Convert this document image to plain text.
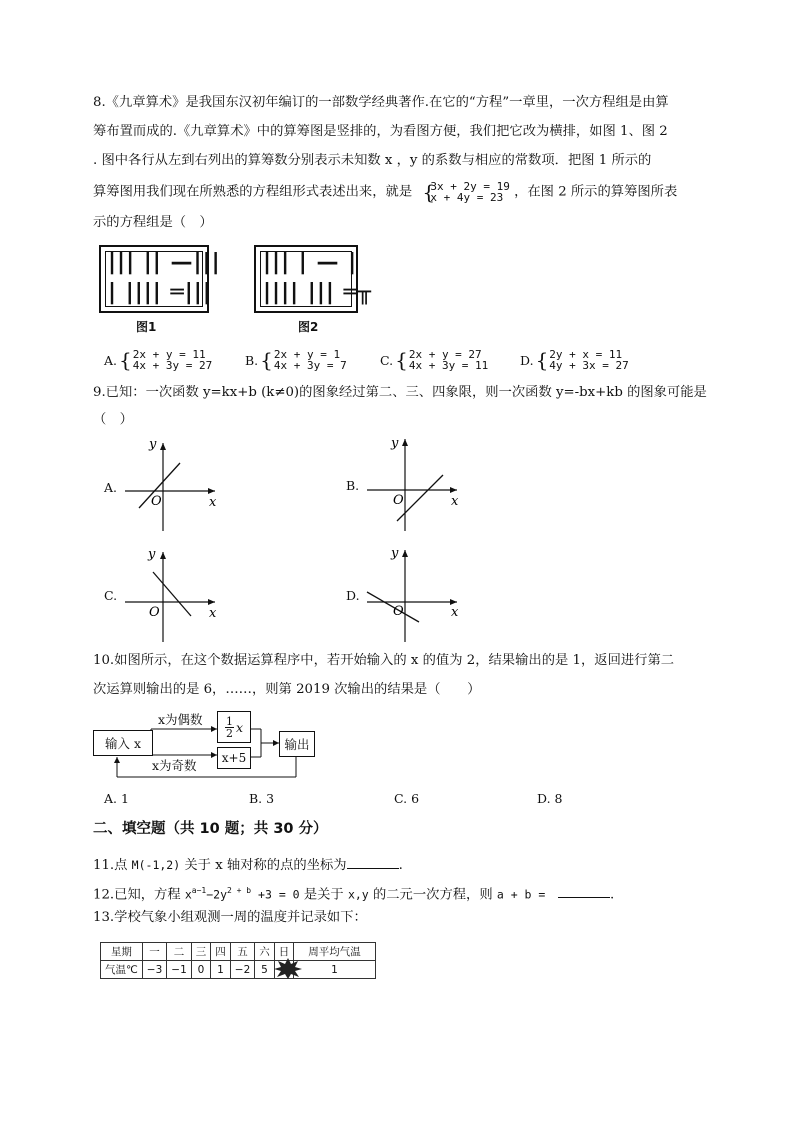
8.《九章算术》是我国东汉初年编订的一部数学经典著作.在它的“方程”一章里，一次方程组是由算
筹布置而成的.《九章算术》中的算筹图是竖排的，为看图方便，我们把它改为横排，如图 1、图 2
. 图中各行从左到右列出的算筹数分别表示未知数 x ，y 的系数与相应的常数项．把图 1 所示的
算筹图用我们现在所熟悉的方程组形式表述出来，就是 {
3x + 2y = 19
x + 4y = 23 ，在图 2 所示的算筹图所表
示的方程组是（　）
||| || —|||
| |||| ═|||
图1
||| | — |
|||| ||| ═╥
图2
A. { 2x + y = 11
4x + 3y = 27	B. { 2x + y = 1
4x + 3y = 7	C. { 2x + y = 27
4x + 3y = 11	D. { 2y + x = 11
4y + 3x = 27
9.已知：一次函数 y=kx+b (k≠0)的图象经过第二、三、四象限，则一次函数 y=-bx+kb 的图象可能是
（　）
A.
y
x
O
B.
y
x
O
C.
y
x
O
D.
y
x
O
10.如图所示，在这个数据运算程序中，若开始输入的 x 的值为 2，结果输出的是 1，返回进行第二
次运算则输出的是 6，……，则第 2019 次输出的结果是（　　）
输入 x
x为偶数
x为奇数
1
2 x
x+5
输出
A. 1	B. 3	C. 6	D. 8
二、填空题（共 10 题；共 30 分）
11.点 M(-1,2) 关于 x 轴对称的点的坐标为	.
12.已知，方程 $x^{a-1}-2y^{2 + b} +3 = 0$ 是关于 x,y 的二元一次方程，则 a + b =	.
13.学校气象小组观测一周的温度并记录如下：
星期	一	二	三	四	五	六	日	周平均气温
气温℃	−3	−1	0	1	−2	5		1
